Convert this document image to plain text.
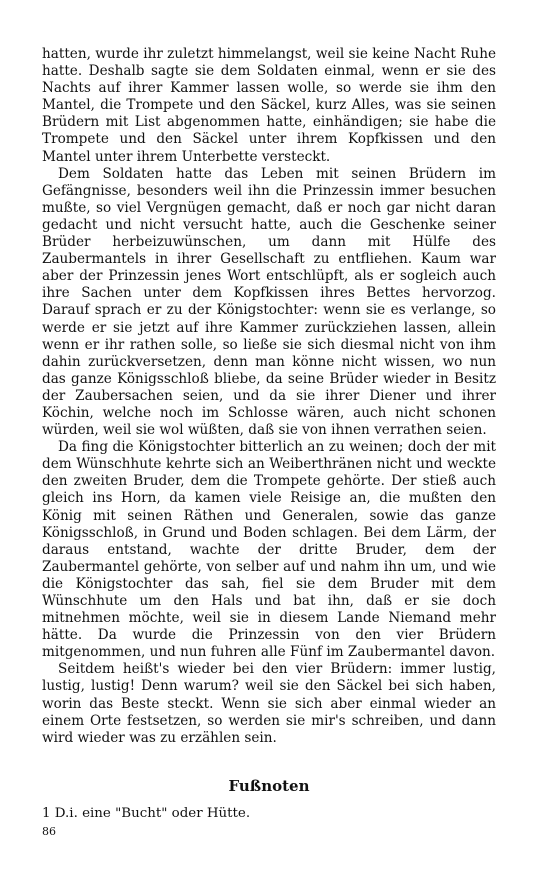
hatten, wurde ihr zuletzt himmelangst, weil sie keine Nacht Ruhe hatte. Deshalb sagte sie dem Soldaten einmal, wenn er sie des Nachts auf ihrer Kammer lassen wolle, so werde sie ihm den Mantel, die Trompete und den Säckel, kurz Alles, was sie seinen Brüdern mit List abgenommen hatte, einhändigen; sie habe die Trompete und den Säckel unter ihrem Kopfkissen und den Mantel unter ihrem Unterbette versteckt.

Dem Soldaten hatte das Leben mit seinen Brüdern im Gefängnisse, besonders weil ihn die Prinzessin immer besuchen mußte, so viel Vergnügen gemacht, daß er noch gar nicht daran gedacht und nicht versucht hatte, auch die Geschenke seiner Brüder herbeizuwünschen, um dann mit Hülfe des Zaubermantels in ihrer Gesellschaft zu entfliehen. Kaum war aber der Prinzessin jenes Wort entschlüpft, als er sogleich auch ihre Sachen unter dem Kopfkissen ihres Bettes hervorzog. Darauf sprach er zu der Königstochter: wenn sie es verlange, so werde er sie jetzt auf ihre Kammer zurückziehen lassen, allein wenn er ihr rathen solle, so ließe sie sich diesmal nicht von ihm dahin zurückversetzen, denn man könne nicht wissen, wo nun das ganze Königsschloß bliebe, da seine Brüder wieder in Besitz der Zaubersachen seien, und da sie ihrer Diener und ihrer Köchin, welche noch im Schlosse wären, auch nicht schonen würden, weil sie wol wüßten, daß sie von ihnen verrathen seien.

Da fing die Königstochter bitterlich an zu weinen; doch der mit dem Wünschhute kehrte sich an Weiberthränen nicht und weckte den zweiten Bruder, dem die Trompete gehörte. Der stieß auch gleich ins Horn, da kamen viele Reisige an, die mußten den König mit seinen Räthen und Generalen, sowie das ganze Königsschloß, in Grund und Boden schlagen. Bei dem Lärm, der daraus entstand, wachte der dritte Bruder, dem der Zaubermantel gehörte, von selber auf und nahm ihn um, und wie die Königstochter das sah, fiel sie dem Bruder mit dem Wünschhute um den Hals und bat ihn, daß er sie doch mitnehmen möchte, weil sie in diesem Lande Niemand mehr hätte. Da wurde die Prinzessin von den vier Brüdern mitgenommen, und nun fuhren alle Fünf im Zaubermantel davon.

Seitdem heißt's wieder bei den vier Brüdern: immer lustig, lustig, lustig! Denn warum? weil sie den Säckel bei sich haben, worin das Beste steckt. Wenn sie sich aber einmal wieder an einem Orte festsetzen, so werden sie mir's schreiben, und dann wird wieder was zu erzählen sein.

Fußnoten

1 D.i. eine "Bucht" oder Hütte.

86
